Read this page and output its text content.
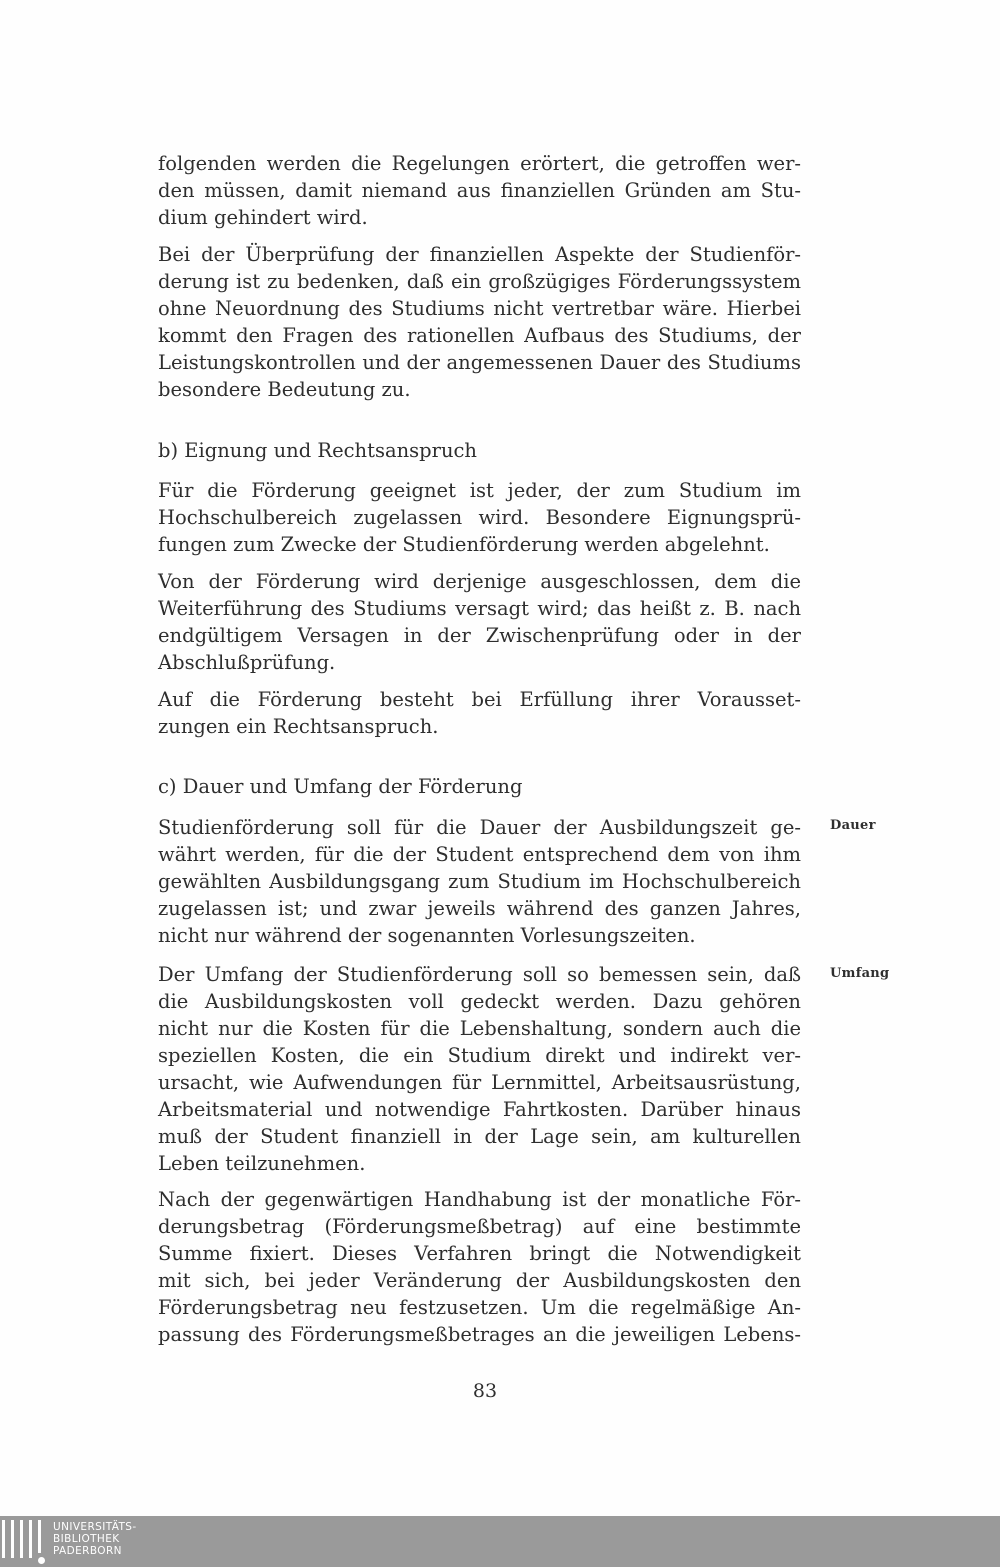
folgenden werden die Regelungen erörtert, die getroffen wer-
den müssen, damit niemand aus finanziellen Gründen am Stu-
dium gehindert wird.
Bei der Überprüfung der finanziellen Aspekte der Studienför-
derung ist zu bedenken, daß ein großzügiges Förderungssystem
ohne Neuordnung des Studiums nicht vertretbar wäre. Hierbei
kommt den Fragen des rationellen Aufbaus des Studiums, der
Leistungskontrollen und der angemessenen Dauer des Studiums
besondere Bedeutung zu.
b) Eignung und Rechtsanspruch
Für die Förderung geeignet ist jeder, der zum Studium im
Hochschulbereich zugelassen wird. Besondere Eignungsprü-
fungen zum Zwecke der Studienförderung werden abgelehnt.
Von der Förderung wird derjenige ausgeschlossen, dem die
Weiterführung des Studiums versagt wird; das heißt z. B. nach
endgültigem Versagen in der Zwischenprüfung oder in der
Abschlußprüfung.
Auf die Förderung besteht bei Erfüllung ihrer Vorausset-
zungen ein Rechtsanspruch.
c) Dauer und Umfang der Förderung
Dauer
Studienförderung soll für die Dauer der Ausbildungszeit ge-
währt werden, für die der Student entsprechend dem von ihm
gewählten Ausbildungsgang zum Studium im Hochschulbereich
zugelassen ist; und zwar jeweils während des ganzen Jahres,
nicht nur während der sogenannten Vorlesungszeiten.
Umfang
Der Umfang der Studienförderung soll so bemessen sein, daß
die Ausbildungskosten voll gedeckt werden. Dazu gehören
nicht nur die Kosten für die Lebenshaltung, sondern auch die
speziellen Kosten, die ein Studium direkt und indirekt ver-
ursacht, wie Aufwendungen für Lernmittel, Arbeitsausrüstung,
Arbeitsmaterial und notwendige Fahrtkosten. Darüber hinaus
muß der Student finanziell in der Lage sein, am kulturellen
Leben teilzunehmen.
Nach der gegenwärtigen Handhabung ist der monatliche För-
derungsbetrag (Förderungsmeßbetrag) auf eine bestimmte
Summe fixiert. Dieses Verfahren bringt die Notwendigkeit
mit sich, bei jeder Veränderung der Ausbildungskosten den
Förderungsbetrag neu festzusetzen. Um die regelmäßige An-
passung des Förderungsmeßbetrages an die jeweiligen Lebens-
83
UNIVERSITÄTS-
BIBLIOTHEK
PADERBORN
